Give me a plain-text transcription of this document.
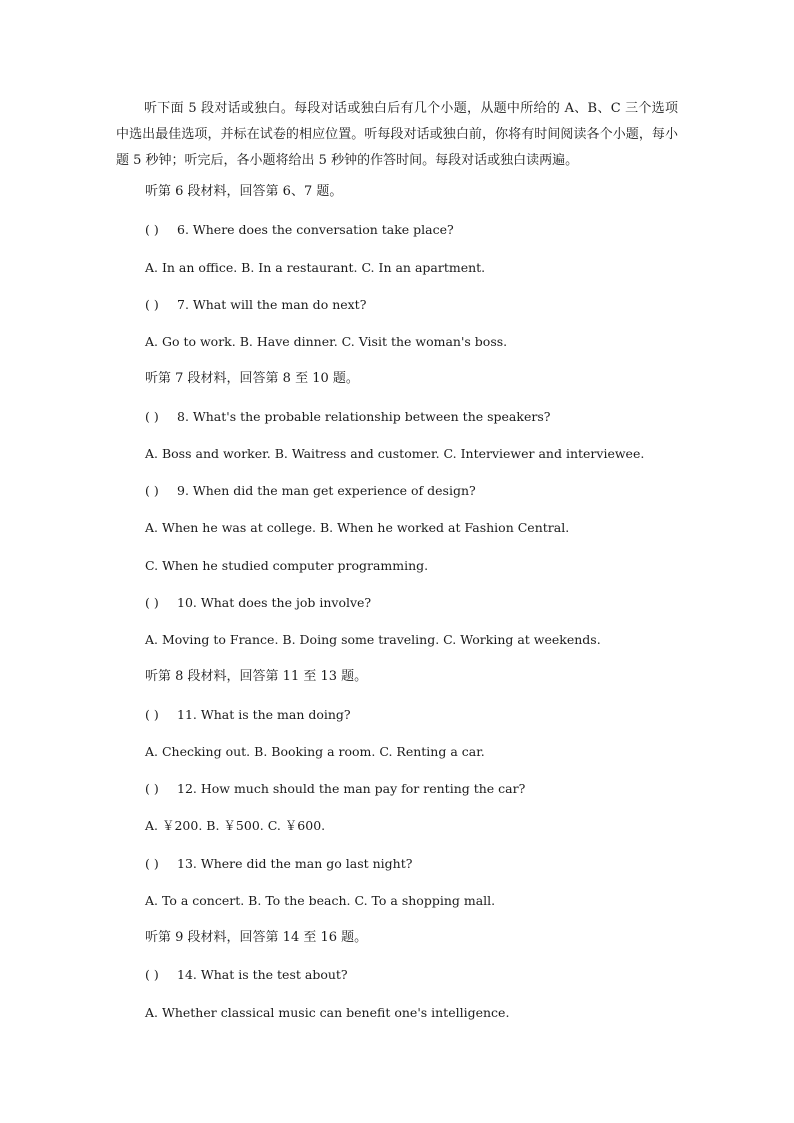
听下面 5 段对话或独白。每段对话或独白后有几个小题，从题中所给的 A、B、C 三个选项中选出最佳选项，并标在试卷的相应位置。听每段对话或独白前，你将有时间阅读各个小题，每小题 5 秒钟；听完后，各小题将给出 5 秒钟的作答时间。每段对话或独白读两遍。

听第 6 段材料，回答第 6、7 题。

( ) 6. Where does the conversation take place?

A. In an office. B. In a restaurant. C. In an apartment.

( ) 7. What will the man do next?

A. Go to work. B. Have dinner. C. Visit the woman's boss.

听第 7 段材料，回答第 8 至 10 题。

( ) 8. What's the probable relationship between the speakers?

A. Boss and worker. B. Waitress and customer. C. Interviewer and interviewee.

( ) 9. When did the man get experience of design?

A. When he was at college. B. When he worked at Fashion Central.

C. When he studied computer programming.

( ) 10. What does the job involve?

A. Moving to France. B. Doing some traveling. C. Working at weekends.

听第 8 段材料，回答第 11 至 13 题。

( ) 11. What is the man doing?

A. Checking out. B. Booking a room. C. Renting a car.

( ) 12. How much should the man pay for renting the car?

A. ￥200. B. ￥500. C. ￥600.

( ) 13. Where did the man go last night?

A. To a concert. B. To the beach. C. To a shopping mall.

听第 9 段材料，回答第 14 至 16 题。

( ) 14. What is the test about?

A. Whether classical music can benefit one's intelligence.
